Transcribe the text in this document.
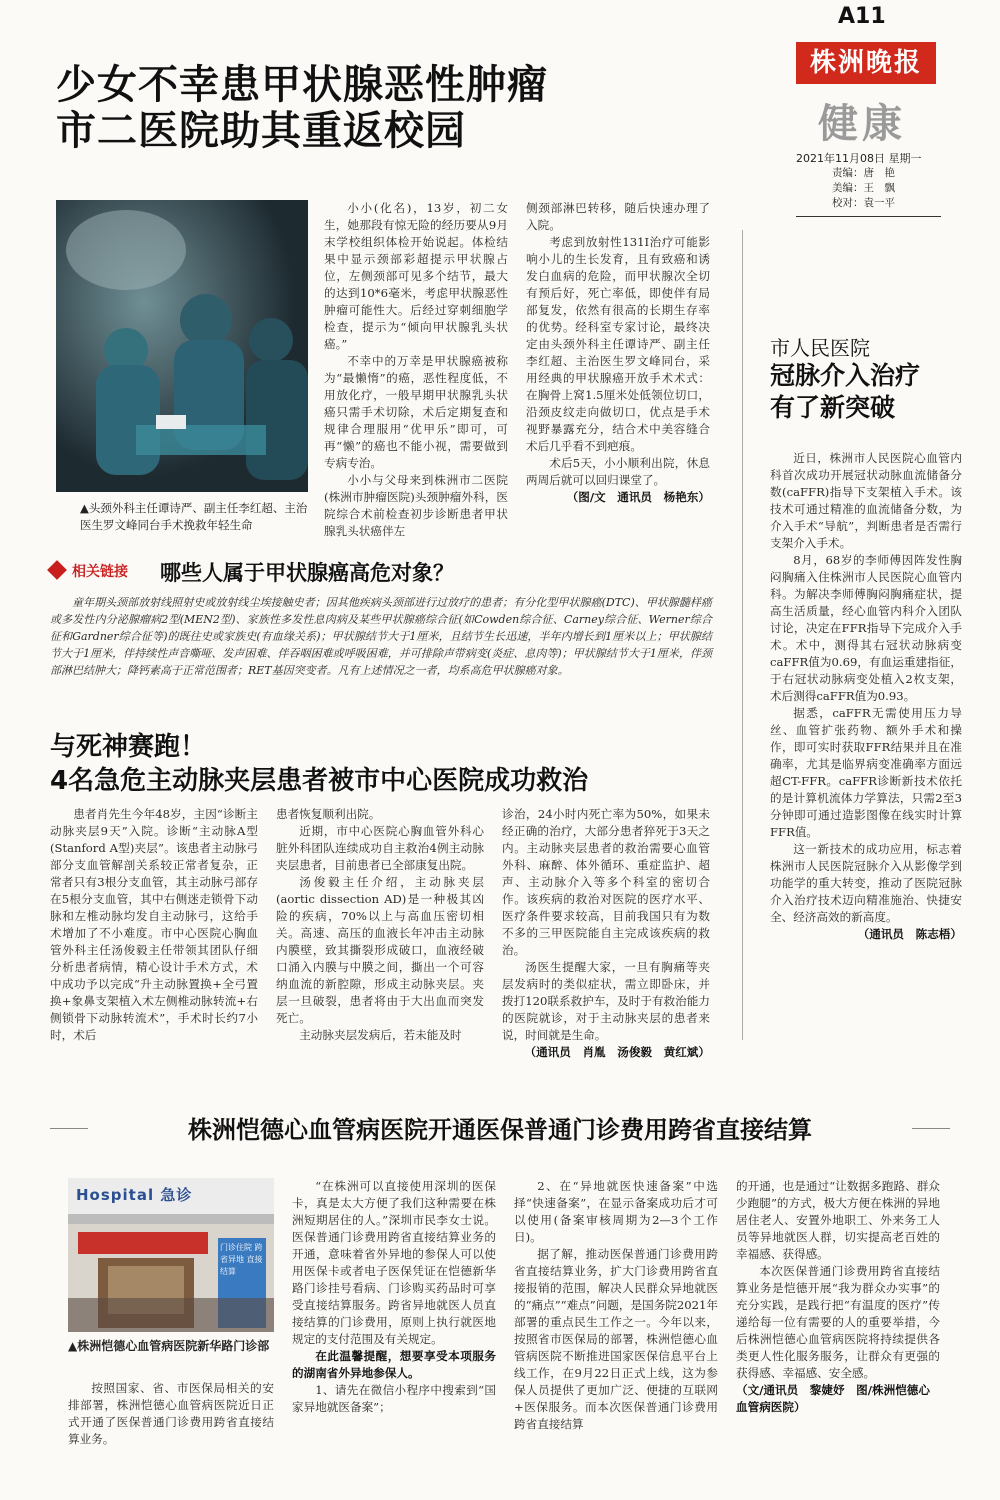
A11
株洲晚报
健康
2021年11月08日 星期一
责编：唐　艳
美编：王　飘
校对：袁一平
少女不幸患甲状腺恶性肿瘤
市二医院助其重返校园
▲头颈外科主任谭诗严、副主任李红超、主治医生罗文峰同台手术挽救年轻生命

小小(化名)，13岁，初二女生，她那段有惊无险的经历要从9月末学校组织体检开始说起。体检结果中显示颈部彩超提示甲状腺占位，左侧颈部可见多个结节，最大的达到10*6毫米，考虑甲状腺恶性肿瘤可能性大。后经过穿刺细胞学检查，提示为“倾向甲状腺乳头状癌。”

不幸中的万幸是甲状腺癌被称为“最懒惰”的癌，恶性程度低，不用放化疗，一般早期甲状腺乳头状癌只需手术切除，术后定期复查和规律合理服用“优甲乐”即可，可再“懒”的癌也不能小视，需要做到专病专治。

小小与父母来到株洲市二医院(株洲市肿瘤医院)头颈肿瘤外科，医院综合术前检查初步诊断患者甲状腺乳头状癌伴左

侧颈部淋巴转移，随后快速办理了入院。

考虑到放射性131I治疗可能影响小儿的生长发育，且有致癌和诱发白血病的危险，而甲状腺次全切有预后好，死亡率低，即使伴有局部复发，依然有很高的长期生存率的优势。经科室专家讨论，最终决定由头颈外科主任谭诗严、副主任李红超、主治医生罗文峰同台，采用经典的甲状腺癌开放手术术式：在胸骨上窝1.5厘米处低领位切口，沿颈皮纹走向做切口，优点是手术视野暴露充分，结合术中美容缝合术后几乎看不到疤痕。

术后5天，小小顺利出院，休息两周后就可以回归课堂了。

（图/文　通讯员　杨艳东）

相关链接 哪些人属于甲状腺癌高危对象？

童年期头颈部放射线照射史或放射线尘埃接触史者；因其他疾病头颈部进行过放疗的患者；有分化型甲状腺癌(DTC)、甲状腺髓样癌或多发性内分泌腺瘤病2型(MEN2型)、家族性多发性息肉病及某些甲状腺癌综合征(如Cowden综合征、Carney综合征、Werner综合征和Gardner综合征等)的既往史或家族史(有血缘关系)；甲状腺结节大于1厘米，且结节生长迅速，半年内增长到1厘米以上；甲状腺结节大于1厘米，伴持续性声音嘶哑、发声困难、伴吞咽困难或呼吸困难，并可排除声带病变(炎症、息肉等)；甲状腺结节大于1厘米，伴颈部淋巴结肿大；降钙素高于正常范围者；RET基因突变者。凡有上述情况之一者，均系高危甲状腺癌对象。

与死神赛跑！
4名急危主动脉夹层患者被市中心医院成功救治

患者肖先生今年48岁，主因“诊断主动脉夹层9天”入院。诊断“主动脉A型(Stanford A型)夹层”。该患者主动脉弓部分支血管解剖关系较正常者复杂，正常者只有3根分支血管，其主动脉弓部存在5根分支血管，其中右侧迷走锁骨下动脉和左椎动脉均发自主动脉弓，这给手术增加了不小难度。市中心医院心胸血管外科主任汤俊毅主任带领其团队仔细分析患者病情，精心设计手术方式，术中成功予以完成“升主动脉置换+全弓置换+象鼻支架植入术左侧椎动脉转流+右侧锁骨下动脉转流术”，手术时长约7小时，术后

患者恢复顺利出院。

近期，市中心医院心胸血管外科心脏外科团队连续成功自主救治4例主动脉夹层患者，目前患者已全部康复出院。

汤俊毅主任介绍，主动脉夹层(aortic dissection AD)是一种极其凶险的疾病，70%以上与高血压密切相关。高速、高压的血液长年冲击主动脉内膜壁，致其撕裂形成破口，血液经破口涌入内膜与中膜之间，撕出一个可容纳血流的新腔隙，形成主动脉夹层。夹层一旦破裂，患者将由于大出血而突发死亡。

主动脉夹层发病后，若未能及时

诊治，24小时内死亡率为50%，如果未经正确的治疗，大部分患者猝死于3天之内。主动脉夹层患者的救治需要心血管外科、麻醉、体外循环、重症监护、超声、主动脉介入等多个科室的密切合作。该疾病的救治对医院的医疗水平、医疗条件要求较高，目前我国只有为数不多的三甲医院能自主完成该疾病的救治。

汤医生提醒大家，一旦有胸痛等夹层发病时的类似症状，需立即卧床，并拨打120联系救护车，及时于有救治能力的医院就诊，对于主动脉夹层的患者来说，时间就是生命。

（通讯员　肖胤　汤俊毅　黄红斌）

市人民医院
冠脉介入治疗
有了新突破

近日，株洲市人民医院心血管内科首次成功开展冠状动脉血流储备分数(caFFR)指导下支架植入手术。该技术可通过精准的血流储备分数，为介入手术“导航”，判断患者是否需行支架介入手术。

8月，68岁的李师傅因阵发性胸闷胸痛入住株洲市人民医院心血管内科。为解决李师傅胸闷胸痛症状，提高生活质量，经心血管内科介入团队讨论，决定在FFR指导下完成介入手术。术中，测得其右冠状动脉病变caFFR值为0.69，有血运重建指征，于右冠状动脉病变处植入2枚支架，术后测得caFFR值为0.93。

据悉，caFFR无需使用压力导丝、血管扩张药物、额外手术和操作，即可实时获取FFR结果并且在准确率，尤其是临界病变准确率方面远超CT-FFR。caFFR诊断新技术依托的是计算机流体力学算法，只需2至3分钟即可通过造影图像在线实时计算FFR值。

这一新技术的成功应用，标志着株洲市人民医院冠脉介入从影像学到功能学的重大转变，推动了医院冠脉介入治疗技术迈向精准施治、快捷安全、经济高效的新高度。

（通讯员　陈志梧）

株洲恺德心血管病医院开通医保普通门诊费用跨省直接结算
Hospital 急诊
门诊住院 跨省异地 直接结算
▲株洲恺德心血管病医院新华路门诊部

按照国家、省、市医保局相关的安排部署，株洲恺德心血管病医院近日正式开通了医保普通门诊费用跨省直接结算业务。

“在株洲可以直接使用深圳的医保卡，真是太大方便了我们这种需要在株洲短期居住的人。”深圳市民李女士说。医保普通门诊费用跨省直接结算业务的开通，意味着省外异地的参保人可以使用医保卡或者电子医保凭证在恺德新华路门诊挂号看病、门诊购买药品时可享受直接结算服务。跨省异地就医人员直接结算的门诊费用，原则上执行就医地规定的支付范围及有关规定。

在此温馨提醒，想要享受本项服务的湖南省外异地参保人。

1、请先在微信小程序中搜索到“国家异地就医备案”；

2、在“异地就医快速备案”中选择“快速备案”，在显示备案成功后才可以使用(备案审核周期为2—3个工作日)。

据了解，推动医保普通门诊费用跨省直接结算业务，扩大门诊费用跨省直接报销的范围，解决人民群众异地就医的“痛点”“难点”问题，是国务院2021年部署的重点民生工作之一。今年以来，按照省市医保局的部署，株洲恺德心血管病医院不断推进国家医保信息平台上线工作，在9月22日正式上线，这为参保人员提供了更加广泛、便捷的互联网+医保服务。而本次医保普通门诊费用跨省直接结算

的开通，也是通过“让数据多跑路、群众少跑腿”的方式，极大方便在株洲的异地居住老人、安置外地职工、外来务工人员等异地就医人群，切实提高老百姓的幸福感、获得感。

本次医保普通门诊费用跨省直接结算业务是恺德开展“我为群众办实事”的充分实践，是践行把“有温度的医疗”传递给每一位有需要的人的重要举措，今后株洲恺德心血管病医院将持续提供各类更人性化服务服务，让群众有更强的获得感、幸福感、安全感。

（文/通讯员　黎婕妤　图/株洲恺德心血管病医院）
